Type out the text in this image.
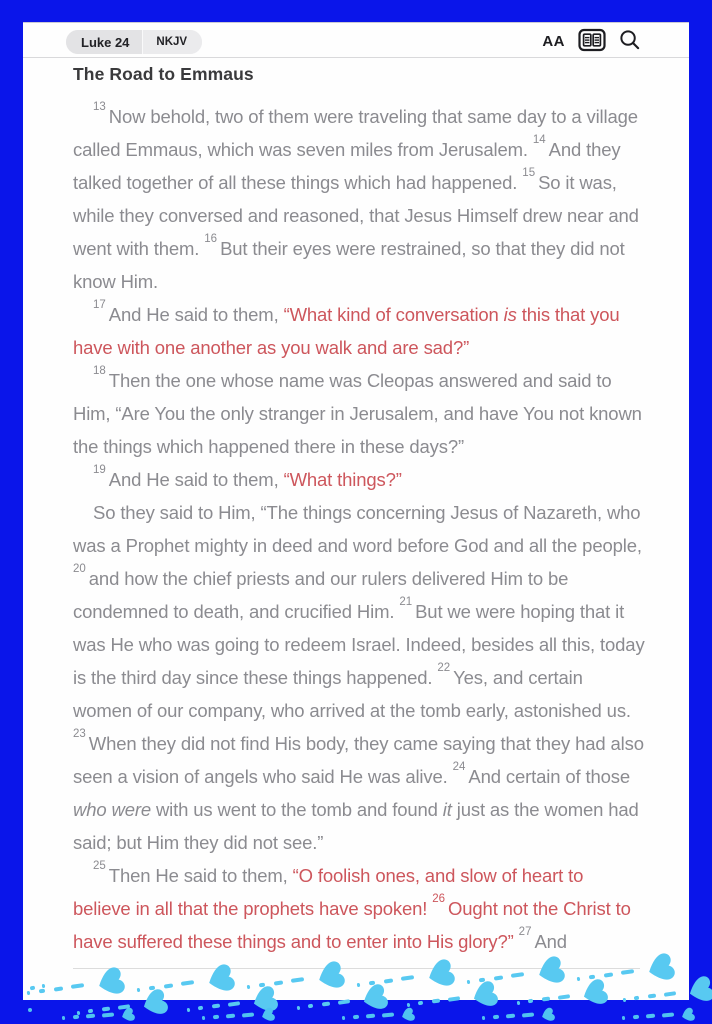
Luke 24	NKJV	AA
The Road to Emmaus

$^{13}$ Now behold, two of them were traveling that same day to a village called Emmaus, which was seven miles from Jerusalem. $^{14}$ And they talked together of all these things which had happened. $^{15}$ So it was, while they conversed and reasoned, that Jesus Himself drew near and went with them. $^{16}$ But their eyes were restrained, so that they did not know Him.

$^{17}$ And He said to them, “What kind of conversation is this that you have with one another as you walk and are sad?”

$^{18}$ Then the one whose name was Cleopas answered and said to Him, “Are You the only stranger in Jerusalem, and have You not known the things which happened there in these days?”

$^{19}$ And He said to them, “What things?”

So they said to Him, “The things concerning Jesus of Nazareth, who was a Prophet mighty in deed and word before God and all the people, $^{20}$ and how the chief priests and our rulers delivered Him to be condemned to death, and crucified Him. $^{21}$ But we were hoping that it was He who was going to redeem Israel. Indeed, besides all this, today is the third day since these things happened. $^{22}$ Yes, and certain women of our company, who arrived at the tomb early, astonished us. $^{23}$ When they did not find His body, they came saying that they had also seen a vision of angels who said He was alive. $^{24}$ And certain of those who were with us went to the tomb and found it just as the women had said; but Him they did not see.”

$^{25}$ Then He said to them, “O foolish ones, and slow of heart to believe in all that the prophets have spoken! $^{26}$ Ought not the Christ to have suffered these things and to enter into His glory?” $^{27}$ And
